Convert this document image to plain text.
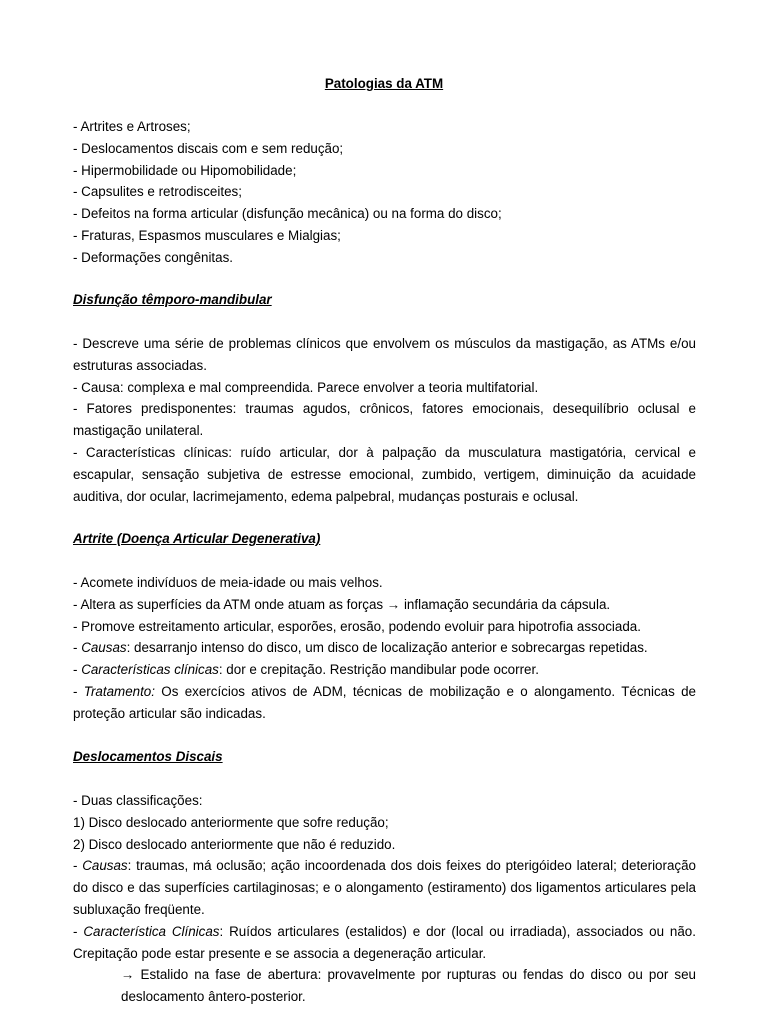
Patologias da ATM

- Artrites e Artroses;

- Deslocamentos discais com e sem redução;

- Hipermobilidade ou Hipomobilidade;

- Capsulites e retrodisceites;

- Defeitos na forma articular (disfunção mecânica) ou na forma do disco;

- Fraturas, Espasmos musculares e Mialgias;

- Deformações congênitas.

Disfunção têmporo-mandibular

- Descreve uma série de problemas clínicos que envolvem os músculos da mastigação, as ATMs e/ou estruturas associadas.

- Causa: complexa e mal compreendida. Parece envolver a teoria multifatorial.

- Fatores predisponentes: traumas agudos, crônicos, fatores emocionais, desequilíbrio oclusal e mastigação unilateral.

- Características clínicas: ruído articular, dor à palpação da musculatura mastigatória, cervical e escapular, sensação subjetiva de estresse emocional, zumbido, vertigem, diminuição da acuidade auditiva, dor ocular, lacrimejamento, edema palpebral, mudanças posturais e oclusal.

Artrite (Doença Articular Degenerativa)

- Acomete indivíduos de meia-idade ou mais velhos.

- Altera as superfícies da ATM onde atuam as forças → inflamação secundária da cápsula.

- Promove estreitamento articular, esporões, erosão, podendo evoluir para hipotrofia associada.

- Causas: desarranjo intenso do disco, um disco de localização anterior e sobrecargas repetidas.

- Características clínicas: dor e crepitação. Restrição mandibular pode ocorrer.

- Tratamento: Os exercícios ativos de ADM, técnicas de mobilização e o alongamento. Técnicas de proteção articular são indicadas.

Deslocamentos Discais

- Duas classificações:

1) Disco deslocado anteriormente que sofre redução;

2) Disco deslocado anteriormente que não é reduzido.

- Causas: traumas, má oclusão; ação incoordenada dos dois feixes do pterigóideo lateral; deterioração do disco e das superfícies cartilaginosas; e o alongamento (estiramento) dos ligamentos articulares pela subluxação freqüente.

- Característica Clínicas: Ruídos articulares (estalidos) e dor (local ou irradiada), associados ou não. Crepitação pode estar presente e se associa a degeneração articular.

→ Estalido na fase de abertura: provavelmente por rupturas ou fendas do disco ou por seu deslocamento ântero-posterior.
